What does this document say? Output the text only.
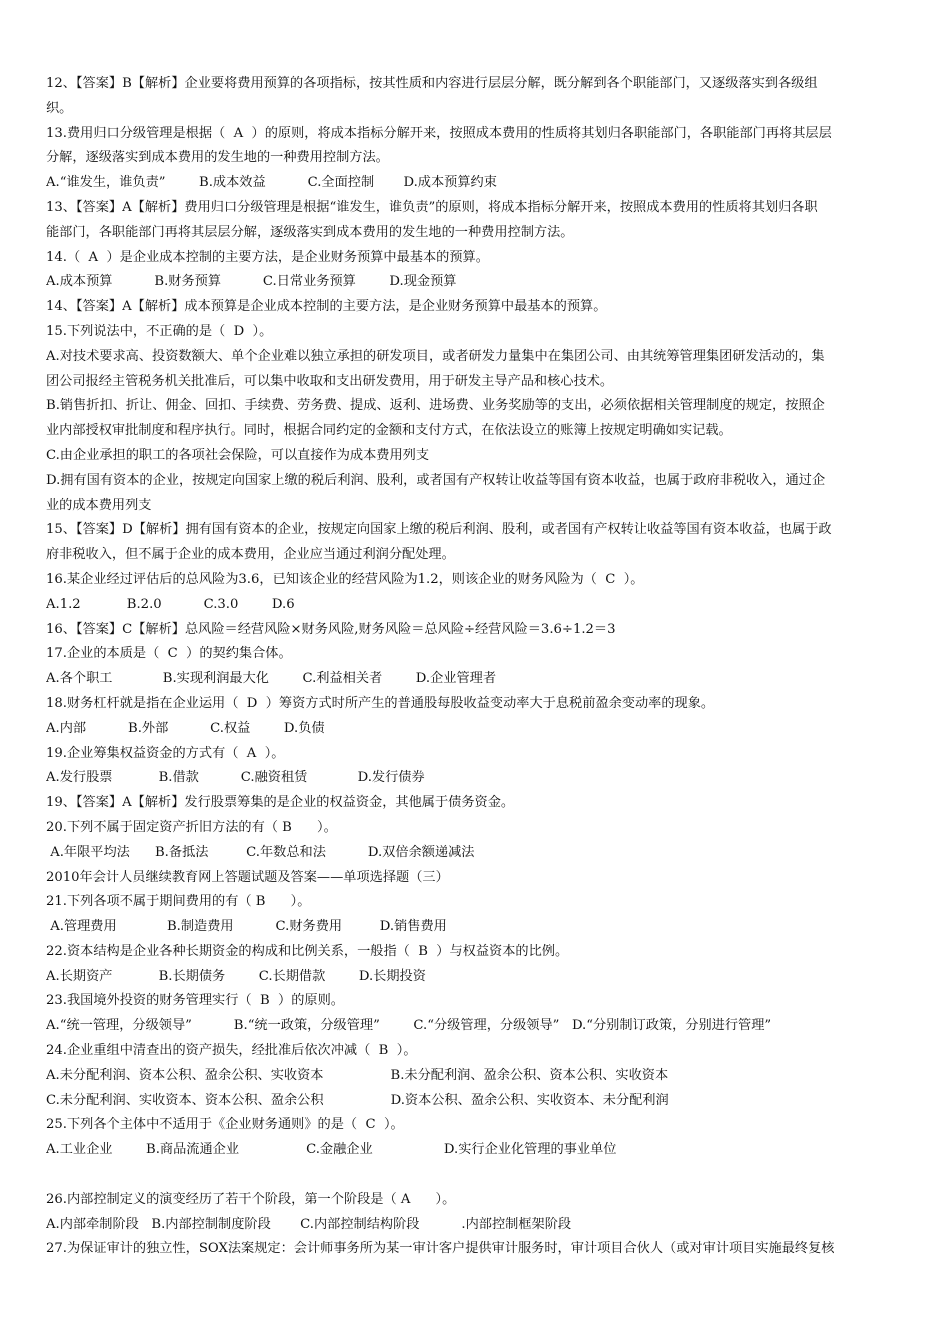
12、【答案】B【解析】企业要将费用预算的各项指标，按其性质和内容进行层层分解，既分解到各个职能部门，又逐级落实到各级组
织。
13.费用归口分级管理是根据（  A  ）的原则，将成本指标分解开来，按照成本费用的性质将其划归各职能部门，各职能部门再将其层层
分解，逐级落实到成本费用的发生地的一种费用控制方法。
A.“谁发生，谁负责”        B.成本效益          C.全面控制       D.成本预算约束
13、【答案】A【解析】费用归口分级管理是根据“谁发生，谁负责”的原则，将成本指标分解开来，按照成本费用的性质将其划归各职
能部门，各职能部门再将其层层分解，逐级落实到成本费用的发生地的一种费用控制方法。
14.（  A  ）是企业成本控制的主要方法，是企业财务预算中最基本的预算。
A.成本预算          B.财务预算          C.日常业务预算        D.现金预算
14、【答案】A【解析】成本预算是企业成本控制的主要方法，是企业财务预算中最基本的预算。
15.下列说法中，不正确的是（  D  ）。
A.对技术要求高、投资数额大、单个企业难以独立承担的研发项目，或者研发力量集中在集团公司、由其统筹管理集团研发活动的，集
团公司报经主管税务机关批准后，可以集中收取和支出研发费用，用于研发主导产品和核心技术。
B.销售折扣、折让、佣金、回扣、手续费、劳务费、提成、返利、进场费、业务奖励等的支出，必须依据相关管理制度的规定，按照企
业内部授权审批制度和程序执行。同时，根据合同约定的金额和支付方式，在依法设立的账簿上按规定明确如实记载。
C.由企业承担的职工的各项社会保险，可以直接作为成本费用列支
D.拥有国有资本的企业，按规定向国家上缴的税后利润、股利，或者国有产权转让收益等国有资本收益，也属于政府非税收入，通过企
业的成本费用列支
15、【答案】D【解析】拥有国有资本的企业，按规定向国家上缴的税后利润、股利，或者国有产权转让收益等国有资本收益，也属于政
府非税收入，但不属于企业的成本费用，企业应当通过利润分配处理。
16.某企业经过评估后的总风险为3.6，已知该企业的经营风险为1.2，则该企业的财务风险为（  C  ）。
A.1.2           B.2.0          C.3.0        D.6
16、【答案】C【解析】总风险＝经营风险×财务风险,财务风险＝总风险÷经营风险＝3.6÷1.2＝3
17.企业的本质是（  C  ）的契约集合体。
A.各个职工            B.实现利润最大化        C.利益相关者        D.企业管理者
18.财务杠杆就是指在企业运用（  D  ）筹资方式时所产生的普通股每股收益变动率大于息税前盈余变动率的现象。
A.内部          B.外部          C.权益        D.负债
19.企业筹集权益资金的方式有（  A  ）。
A.发行股票           B.借款          C.融资租赁            D.发行债券
19、【答案】A【解析】发行股票筹集的是企业的权益资金，其他属于债务资金。
20.下列不属于固定资产折旧方法的有（ B      ）。
A.年限平均法      B.备抵法         C.年数总和法          D.双倍余额递减法
2010年会计人员继续教育网上答题试题及答案——单项选择题（三）
21.下列各项不属于期间费用的有（ B      ）。
A.管理费用            B.制造费用          C.财务费用         D.销售费用
22.资本结构是企业各种长期资金的构成和比例关系，一般指（  B  ）与权益资本的比例。
A.长期资产           B.长期债务        C.长期借款        D.长期投资
23.我国境外投资的财务管理实行（  B  ）的原则。
A.“统一管理，分级领导”          B.“统一政策，分级管理”        C.“分级管理，分级领导”   D.“分别制订政策，分别进行管理”
24.企业重组中清查出的资产损失，经批准后依次冲减（  B  ）。
A.未分配利润、资本公积、盈余公积、实收资本                B.未分配利润、盈余公积、资本公积、实收资本
C.未分配利润、实收资本、资本公积、盈余公积                D.资本公积、盈余公积、实收资本、未分配利润
25.下列各个主体中不适用于《企业财务通则》的是（  C  ）。
A.工业企业        B.商品流通企业                C.金融企业                 D.实行企业化管理的事业单位
26.内部控制定义的演变经历了若干个阶段，第一个阶段是（ A      ）。
A.内部牵制阶段   B.内部控制制度阶段       C.内部控制结构阶段          .内部控制框架阶段
27.为保证审计的独立性，SOX法案规定：会计师事务所为某一审计客户提供审计服务时，审计项目合伙人（或对审计项目实施最终复核
